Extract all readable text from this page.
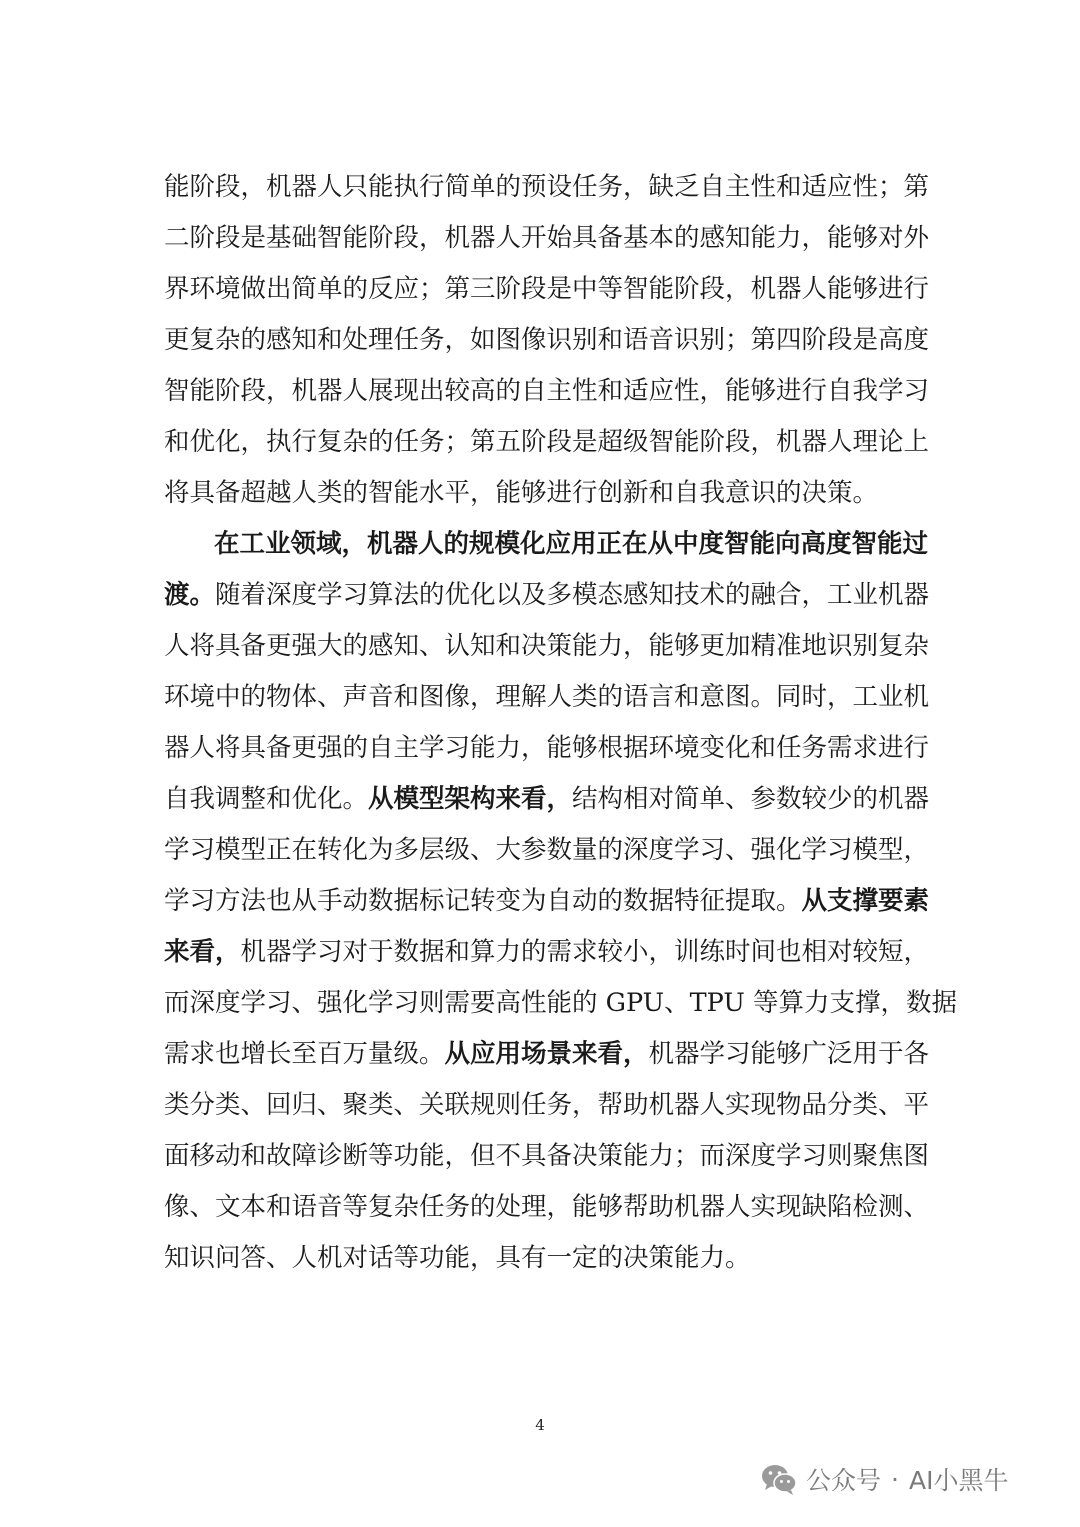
能阶段，机器人只能执行简单的预设任务，缺乏自主性和适应性；第
二阶段是基础智能阶段，机器人开始具备基本的感知能力，能够对外
界环境做出简单的反应；第三阶段是中等智能阶段，机器人能够进行
更复杂的感知和处理任务，如图像识别和语音识别；第四阶段是高度
智能阶段，机器人展现出较高的自主性和适应性，能够进行自我学习
和优化，执行复杂的任务；第五阶段是超级智能阶段，机器人理论上
将具备超越人类的智能水平，能够进行创新和自我意识的决策。
在工业领域，机器人的规模化应用正在从中度智能向高度智能过
渡。随着深度学习算法的优化以及多模态感知技术的融合，工业机器
人将具备更强大的感知、认知和决策能力，能够更加精准地识别复杂
环境中的物体、声音和图像，理解人类的语言和意图。同时，工业机
器人将具备更强的自主学习能力，能够根据环境变化和任务需求进行
自我调整和优化。从模型架构来看，结构相对简单、参数较少的机器
学习模型正在转化为多层级、大参数量的深度学习、强化学习模型，
学习方法也从手动数据标记转变为自动的数据特征提取。从支撑要素
来看，机器学习对于数据和算力的需求较小，训练时间也相对较短，
而深度学习、强化学习则需要高性能的 GPU、TPU 等算力支撑，数据
需求也增长至百万量级。从应用场景来看，机器学习能够广泛用于各
类分类、回归、聚类、关联规则任务，帮助机器人实现物品分类、平
面移动和故障诊断等功能，但不具备决策能力；而深度学习则聚焦图
像、文本和语音等复杂任务的处理，能够帮助机器人实现缺陷检测、
知识问答、人机对话等功能，具有一定的决策能力。
4
公众号 · AI小黑牛
